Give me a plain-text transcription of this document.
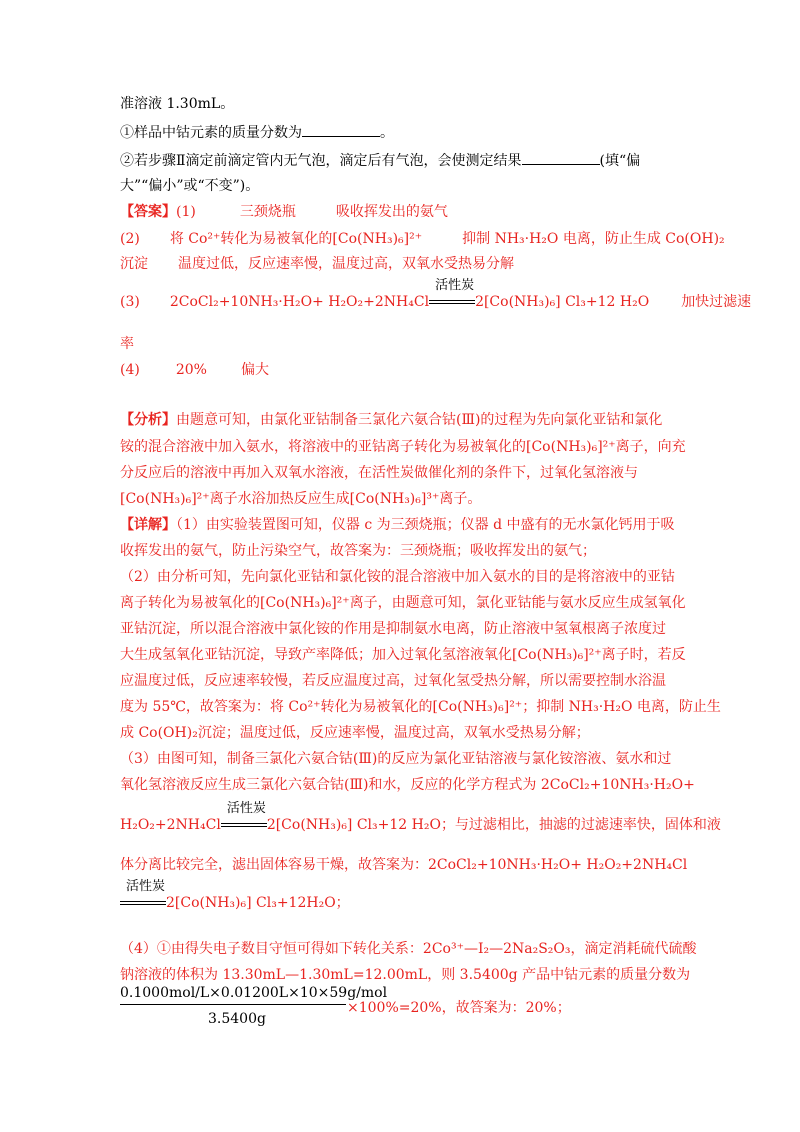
准溶液 1.30mL。
①样品中钴元素的质量分数为	。
②若步骤Ⅱ滴定前滴定管内无气泡，滴定后有气泡，会使测定结果	(填“偏
大”“偏小”或“不变”)。
【答案】(1)	三颈烧瓶	吸收挥发出的氨气
(2) 将 Co²⁺转化为易被氧化的[Co(NH₃)₆]²⁺	抑制 NH₃·H₂O 电离，防止生成 Co(OH)₂
沉淀 温度过低，反应速率慢，温度过高，双氧水受热易分解
(3) 2CoCl₂+10NH₃·H₂O+ H₂O₂+2NH₄Cl
活性炭
2[Co(NH₃)₆] Cl₃+12 H₂O 加快过滤速
率
(4)	20% 偏大
【分析】由题意可知，由氯化亚钴制备三氯化六氨合钴(Ⅲ)的过程为先向氯化亚钴和氯化
铵的混合溶液中加入氨水，将溶液中的亚钴离子转化为易被氧化的[Co(NH₃)₆]²⁺离子，向充
分反应后的溶液中再加入双氧水溶液，在活性炭做催化剂的条件下，过氧化氢溶液与
[Co(NH₃)₆]²⁺离子水浴加热反应生成[Co(NH₃)₆]³⁺离子。
【详解】（1）由实验装置图可知，仪器 c 为三颈烧瓶；仪器 d 中盛有的无水氯化钙用于吸
收挥发出的氨气，防止污染空气，故答案为：三颈烧瓶；吸收挥发出的氨气；
（2）由分析可知，先向氯化亚钴和氯化铵的混合溶液中加入氨水的目的是将溶液中的亚钴
离子转化为易被氧化的[Co(NH₃)₆]²⁺离子，由题意可知，氯化亚钴能与氨水反应生成氢氧化
亚钴沉淀，所以混合溶液中氯化铵的作用是抑制氨水电离，防止溶液中氢氧根离子浓度过
大生成氢氧化亚钴沉淀，导致产率降低；加入过氧化氢溶液氧化[Co(NH₃)₆]²⁺离子时，若反
应温度过低，反应速率较慢，若反应温度过高，过氧化氢受热分解，所以需要控制水浴温
度为 55℃，故答案为：将 Co²⁺转化为易被氧化的[Co(NH₃)₆]²⁺；抑制 NH₃·H₂O 电离，防止生
成 Co(OH)₂沉淀；温度过低，反应速率慢，温度过高，双氧水受热易分解；
（3）由图可知，制备三氯化六氨合钴(Ⅲ)的反应为氯化亚钴溶液与氯化铵溶液、氨水和过
氧化氢溶液反应生成三氯化六氨合钴(Ⅲ)和水，反应的化学方程式为 2CoCl₂+10NH₃·H₂O+
H₂O₂+2NH₄Cl
活性炭
2[Co(NH₃)₆] Cl₃+12 H₂O；与过滤相比，抽滤的过滤速率快，固体和液
体分离比较完全，滤出固体容易干燥，故答案为：2CoCl₂+10NH₃·H₂O+ H₂O₂+2NH₄Cl
活性炭
2[Co(NH₃)₆] Cl₃+12H₂O；
（4）①由得失电子数目守恒可得如下转化关系：2Co³⁺—I₂—2Na₂S₂O₃，滴定消耗硫代硫酸
钠溶液的体积为 13.30mL—1.30mL=12.00mL，则 3.5400g 产品中钴元素的质量分数为
0.1000mol/L×0.01200L×10×59g/mol
3.5400g
×100%=20%，故答案为：20%；
